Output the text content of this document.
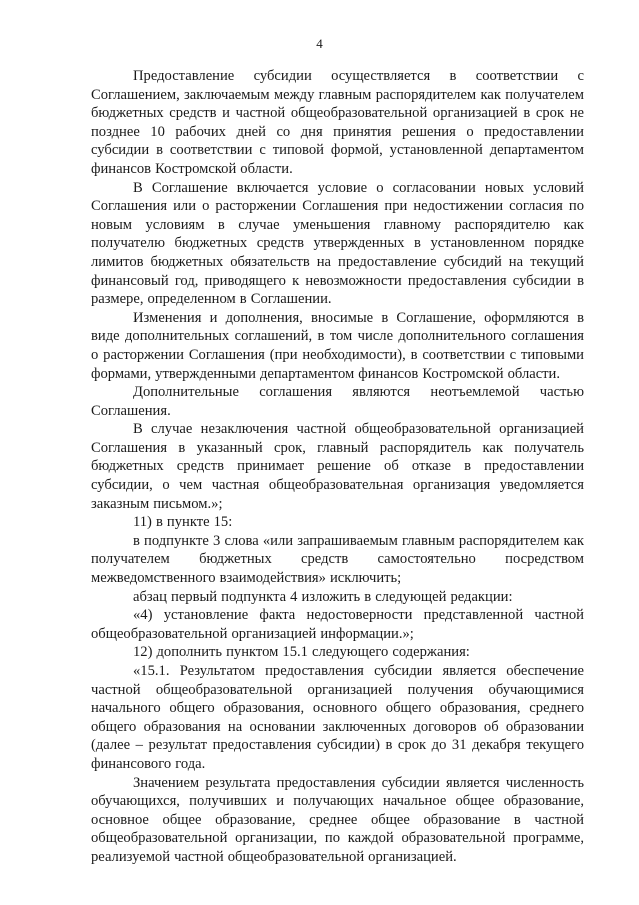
4

Предоставление субсидии осуществляется в соответствии с Соглашением, заключаемым между главным распорядителем как получателем бюджетных средств и частной общеобразовательной организацией в срок не позднее 10 рабочих дней со дня принятия решения о предоставлении субсидии в соответствии с типовой формой, установленной департаментом финансов Костромской области.

В Соглашение включается условие о согласовании новых условий Соглашения или о расторжении Соглашения при недостижении согласия по новым условиям в случае уменьшения главному распорядителю как получателю бюджетных средств утвержденных в установленном порядке лимитов бюджетных обязательств на предоставление субсидий на текущий финансовый год, приводящего к невозможности предоставления субсидии в размере, определенном в Соглашении.

Изменения и дополнения, вносимые в Соглашение, оформляются в виде дополнительных соглашений, в том числе дополнительного соглашения о расторжении Соглашения (при необходимости), в соответствии с типовыми формами, утвержденными департаментом финансов Костромской области.

Дополнительные соглашения являются неотъемлемой частью Соглашения.

В случае незаключения частной общеобразовательной организацией Соглашения в указанный срок, главный распорядитель как получатель бюджетных средств принимает решение об отказе в предоставлении субсидии, о чем частная общеобразовательная организация уведомляется заказным письмом.»;

11) в пункте 15:

в подпункте 3 слова «или запрашиваемым главным распорядителем как получателем бюджетных средств самостоятельно посредством межведомственного взаимодействия» исключить;

абзац первый подпункта 4 изложить в следующей редакции:

«4) установление факта недостоверности представленной частной общеобразовательной организацией информации.»;

12) дополнить пунктом 15.1 следующего содержания:

«15.1. Результатом предоставления субсидии является обеспечение частной общеобразовательной организацией получения обучающимися начального общего образования, основного общего образования, среднего общего образования на основании заключенных договоров об образовании (далее – результат предоставления субсидии) в срок до 31 декабря текущего финансового года.

Значением результата предоставления субсидии является численность обучающихся, получивших и получающих начальное общее образование, основное общее образование, среднее общее образование в частной общеобразовательной организации, по каждой образовательной программе, реализуемой частной общеобразовательной организацией.
